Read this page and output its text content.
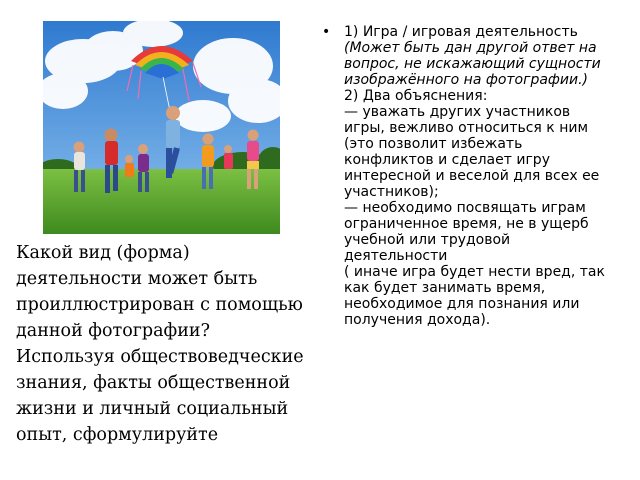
Какой вид (форма) деятельности может быть проиллюстрирован с помощью данной фотографии? Используя обществоведческие знания, факты общественной жизни и личный социальный опыт, сформулируйте

• 1) Игра / игровая деятельность
(Может быть дан другой ответ на вопрос, не искажающий сущности изображённого на фотографии.)
2) Два объяснения:
— уважать других участников игры, вежливо относиться к ним (это позволит избежать конфликтов и сделает игру интересной и веселой для всех ее участников);
— необходимо посвящать играм ограниченное время, не в ущерб учебной или трудовой деятельности
( иначе игра будет нести вред, так как будет занимать время, необходимое для познания или получения дохода).
